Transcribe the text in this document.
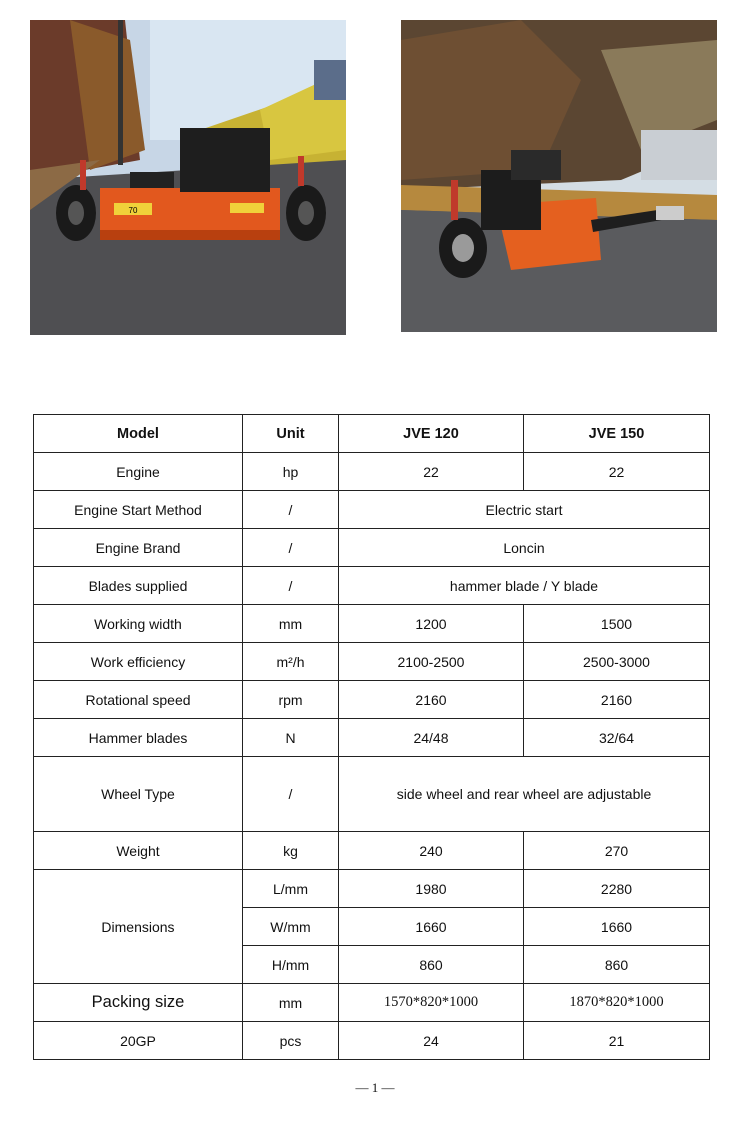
70
Model	Unit	JVE 120	JVE 150
Engine	hp	22	22
Engine Start Method	/	Electric start	
Engine Brand	/	Loncin	
Blades supplied	/	hammer blade / Y blade	
Working width	mm	1200	1500
Work efficiency	m²/h	2100-2500	2500-3000
Rotational speed	rpm	2160	2160
Hammer blades	N	24/48	32/64
Wheel Type	/	side wheel and rear wheel are adjustable	
Weight	kg	240	270
Dimensions	L/mm	1980	2280
	W/mm	1660	1660
	H/mm	860	860
Packing size	mm	1570*820*1000	1870*820*1000
20GP	pcs	24	21
— 1 —
